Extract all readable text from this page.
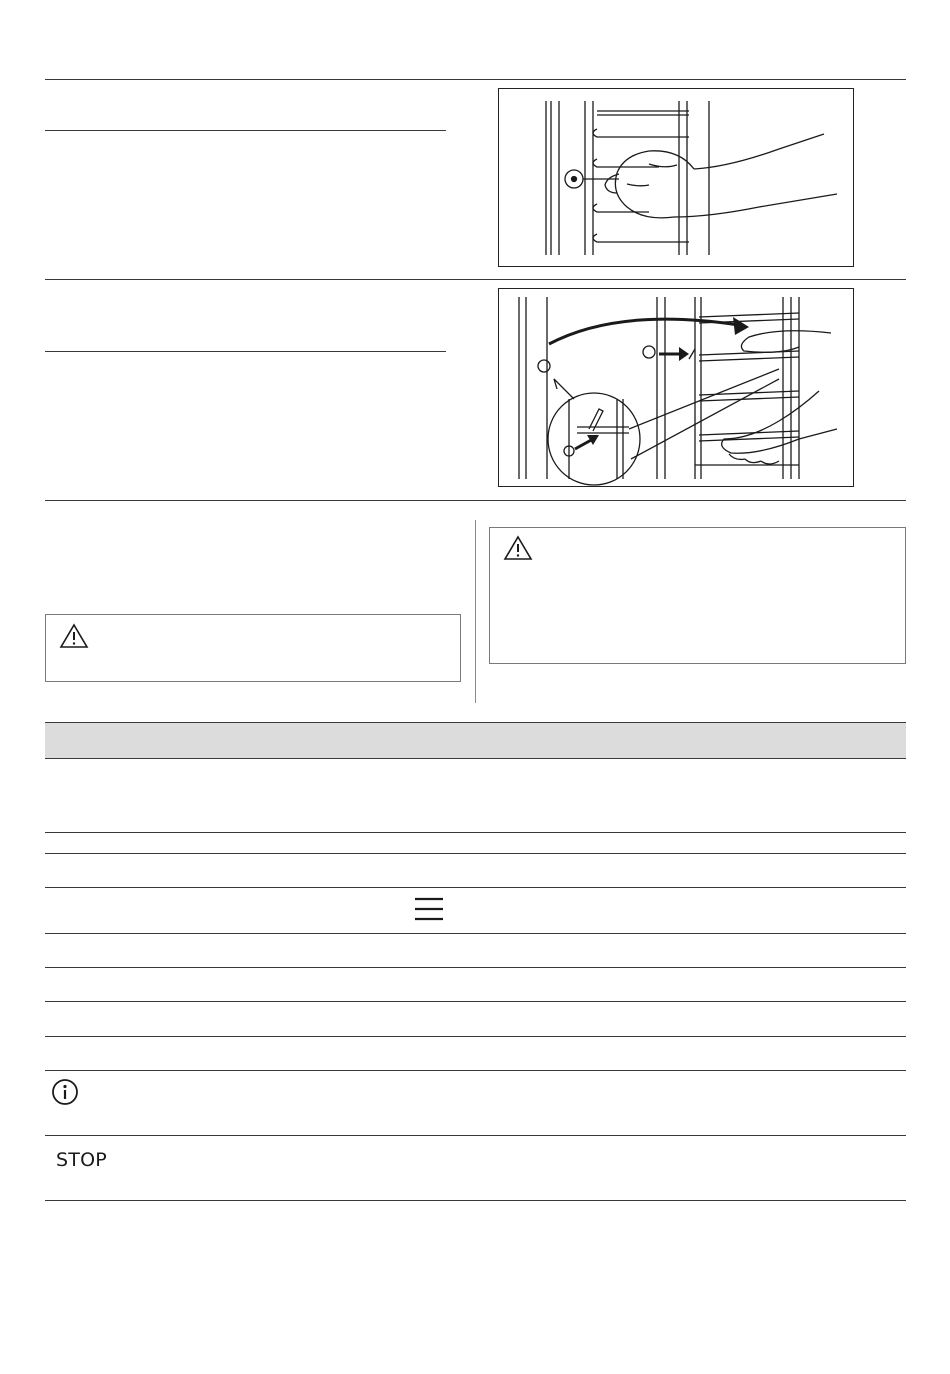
STOP
